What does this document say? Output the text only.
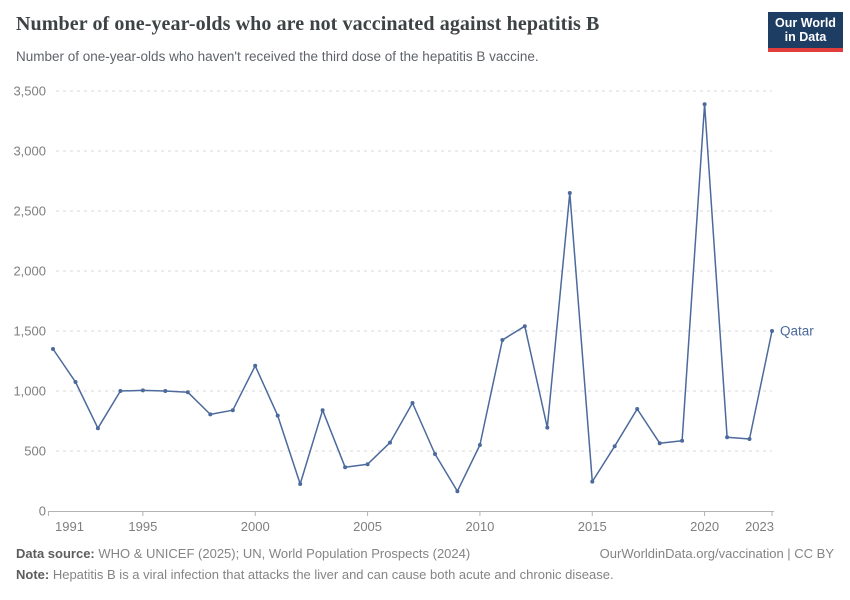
Number of one-year-olds who are not vaccinated against hepatitis B

Number of one-year-olds who haven't received the third dose of the hepatitis B vaccine.

Our World
in Data
0
500
1,000
1,500
2,000
2,500
3,000
3,500
1991	1995	2000	2005	2010	2015	2020 2023
Qatar
Data source: WHO & UNICEF (2025); UN, World Population Prospects (2024)	OurWorldinData.org/vaccination | CC BY
Note: Hepatitis B is a viral infection that attacks the liver and can cause both acute and chronic disease.
